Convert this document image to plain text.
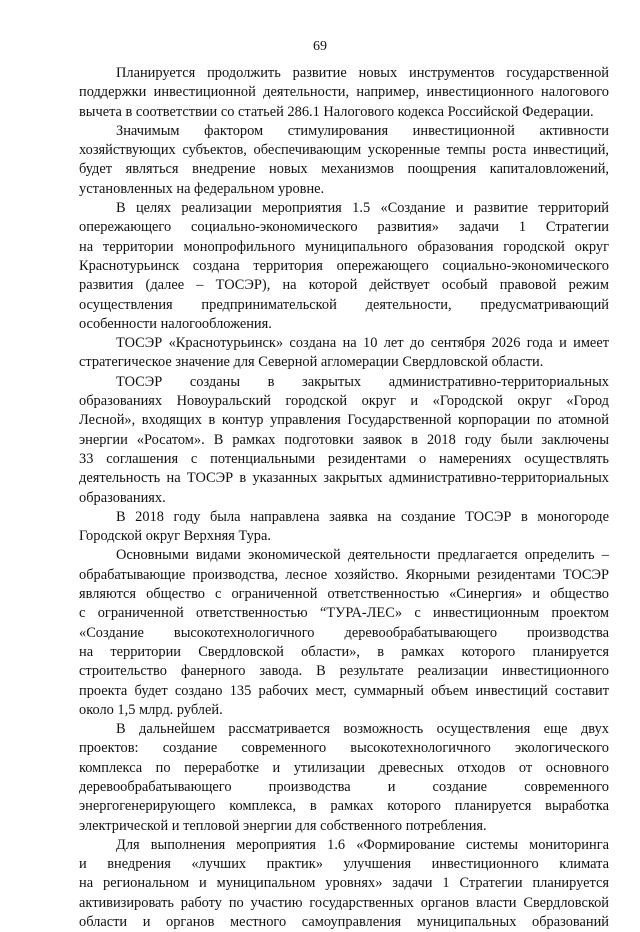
69
Планируется продолжить развитие новых инструментов государственной
поддержки инвестиционной деятельности, например, инвестиционного налогового
вычета в соответствии со статьей 286.1 Налогового кодекса Российской Федерации.
Значимым фактором стимулирования инвестиционной активности
хозяйствующих субъектов, обеспечивающим ускоренные темпы роста инвестиций,
будет являться внедрение новых механизмов поощрения капиталовложений,
установленных на федеральном уровне.
В целях реализации мероприятия 1.5 «Создание и развитие территорий
опережающего социально-экономического развития» задачи 1 Стратегии
на территории монопрофильного муниципального образования городской округ
Краснотурьинск создана территория опережающего социально-экономического
развития (далее – ТОСЭР), на которой действует особый правовой режим
осуществления предпринимательской деятельности, предусматривающий
особенности налогообложения.
ТОСЭР «Краснотурьинск» создана на 10 лет до сентября 2026 года и имеет
стратегическое значение для Северной агломерации Свердловской области.
ТОСЭР созданы в закрытых административно-территориальных
образованиях Новоуральский городской округ и «Городской округ «Город
Лесной», входящих в контур управления Государственной корпорации по атомной
энергии «Росатом». В рамках подготовки заявок в 2018 году были заключены
33 соглашения с потенциальными резидентами о намерениях осуществлять
деятельность на ТОСЭР в указанных закрытых административно-территориальных
образованиях.
В 2018 году была направлена заявка на создание ТОСЭР в моногороде
Городской округ Верхняя Тура.
Основными видами экономической деятельности предлагается определить –
обрабатывающие производства, лесное хозяйство. Якорными резидентами ТОСЭР
являются общество с ограниченной ответственностью «Синергия» и общество
с ограниченной ответственностью “ТУРА-ЛЕС» с инвестиционным проектом
«Создание высокотехнологичного деревообрабатывающего производства
на территории Свердловской области», в рамках которого планируется
строительство фанерного завода. В результате реализации инвестиционного
проекта будет создано 135 рабочих мест, суммарный объем инвестиций составит
около 1,5 млрд. рублей.
В дальнейшем рассматривается возможность осуществления еще двух
проектов: создание современного высокотехнологичного экологического
комплекса по переработке и утилизации древесных отходов от основного
деревообрабатывающего производства и создание современного
энергогенерирующего комплекса, в рамках которого планируется выработка
электрической и тепловой энергии для собственного потребления.
Для выполнения мероприятия 1.6 «Формирование системы мониторинга
и внедрения «лучших практик» улучшения инвестиционного климата
на региональном и муниципальном уровнях» задачи 1 Стратегии планируется
активизировать работу по участию государственных органов власти Свердловской
области и органов местного самоуправления муниципальных образований
